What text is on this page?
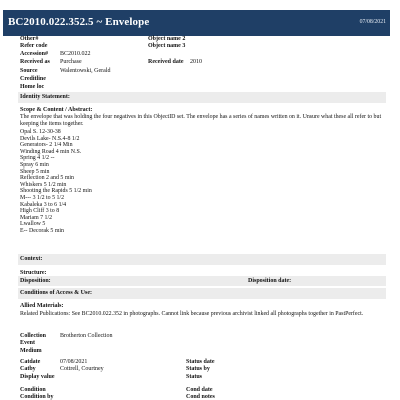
BC2010.022.352.5 ~ Envelope	07/08/2021
Other#
Refer code
Accession# BC2010.022
Received as Purchase
Source	Walentowski, Gerald
Creditline
Home loc
Object name 2
Object name 3
Received date 2010
Identity Statement:
Scope & Content / Abstract:
The envelope that was holding the four negatives in this ObjectID set. The envelope has a series of names written on it. Unsure what these all refer to but keeping the items together.
Opal S. 12-30-38
Devils Lake- N.S.4-8 1/2
Generators- 2 1/4 Min
Winding Road 4 min N.S.
Spring 4 1/2 --
Spray 6 min
Sheep 5 min
Reflection 2 and 5 min
Whiskers 5 1/2 min
Shooting the Rapids 5 1/2 min
M--- 3 1/2 to 5 1/2
Kabaleka 3 to 6 1/4
High Cliff 3 to 8
Mariam 7 1/2
Lwallow 5
E-- Decorak 5 min
Context:
Structure:
Disposition:	Disposition date:
Conditions of Access & Use:
Allied Materials:
Related Publications: See BC2010.022.352 in photographs. Cannot link because previous archivist linked all photographs together in PastPerfect.
Collection Brotherton Collection
Event
Medium
Catdate	07/08/2021
Catby	Cottrell, Courtney
Display value
Condition
Condition by
Status date
Status by
Status
Cond date
Cond notes
